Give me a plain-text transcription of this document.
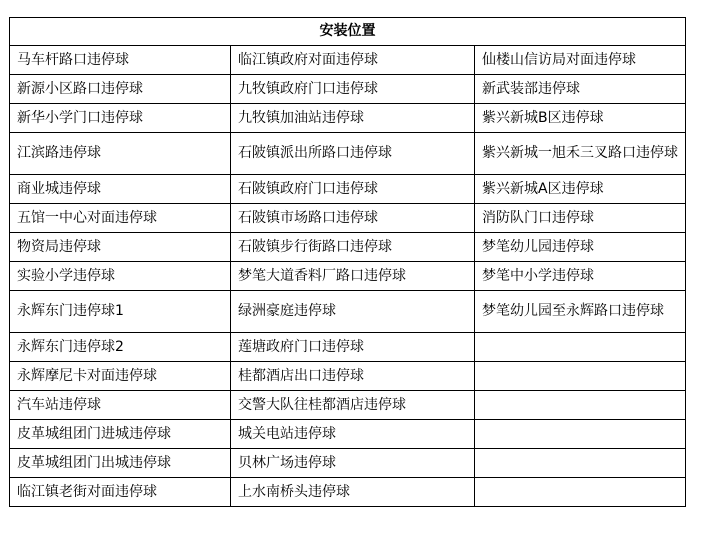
安装位置		
马车杆路口违停球	临江镇政府对面违停球	仙楼山信访局对面违停球
新源小区路口违停球	九牧镇政府门口违停球	新武装部违停球
新华小学门口违停球	九牧镇加油站违停球	紫兴新城B区违停球
江滨路违停球	石陂镇派出所路口违停球	紫兴新城一旭禾三叉路口违停球
商业城违停球	石陂镇政府门口违停球	紫兴新城A区违停球
五馆一中心对面违停球	石陂镇市场路口违停球	消防队门口违停球
物资局违停球	石陂镇步行街路口违停球	梦笔幼儿园违停球
实验小学违停球	梦笔大道香料厂路口违停球	梦笔中小学违停球
永辉东门违停球1	绿洲豪庭违停球	梦笔幼儿园至永辉路口违停球
永辉东门违停球2	莲塘政府门口违停球	
永辉摩尼卡对面违停球	桂都酒店出口违停球	
汽车站违停球	交警大队往桂都酒店违停球	
皮革城组团门进城违停球	城关电站违停球	
皮革城组团门出城违停球	贝林广场违停球	
临江镇老街对面违停球	上水南桥头违停球	
